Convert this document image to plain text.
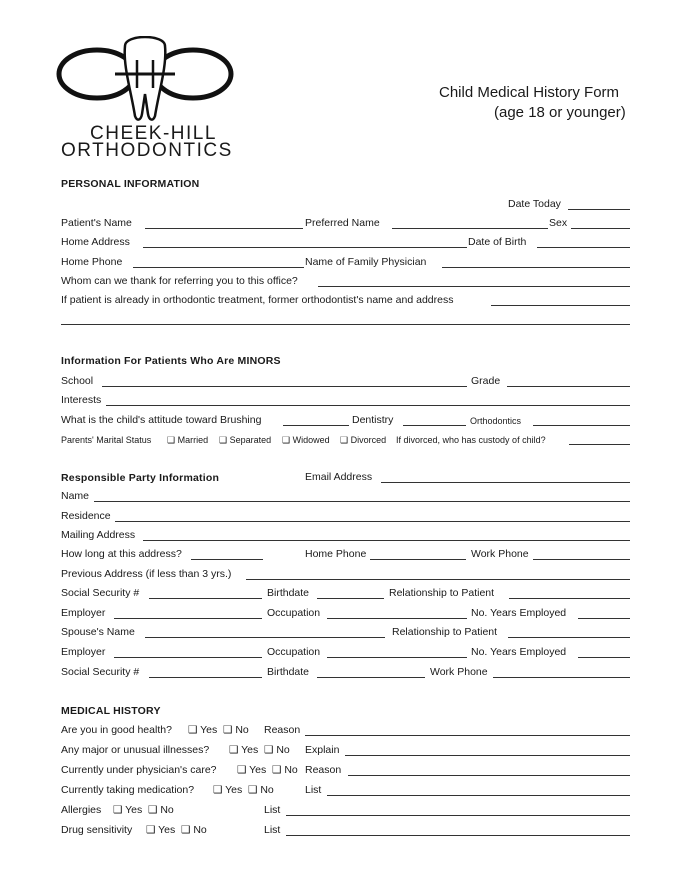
CHEEK-HILL
ORTHODONTICS
Child Medical History Form
(age 18 or younger)
PERSONAL INFORMATION
Date Today
Patient's Name	Preferred Name	Sex
Home Address	Date of Birth
Home Phone	Name of Family Physician
Whom can we thank for referring you to this office?
If patient is already in orthodontic treatment, former orthodontist's name and address
Information For Patients Who Are MINORS
School	Grade
Interests
What is the child's attitude toward Brushing	Dentistry	Orthodontics
Parents' Marital Status ❑ Married ❑ Separated ❑ Widowed ❑ Divorced If divorced, who has custody of child?
Responsible Party Information	Email Address
Name
Residence
Mailing Address
How long at this address?	Home Phone	Work Phone
Previous Address (if less than 3 yrs.)
Social Security #	Birthdate	Relationship to Patient
Employer	Occupation	No. Years Employed
Spouse's Name	Relationship to Patient
Employer	Occupation	No. Years Employed
Social Security #	Birthdate	Work Phone
MEDICAL HISTORY
Are you in good health? ❑ Yes ❑ No Reason
Any major or unusual illnesses? ❑ Yes ❑ No Explain
Currently under physician's care? ❑ Yes ❑ No Reason
Currently taking medication? ❑ Yes ❑ No	List
Allergies ❑ Yes ❑ No	List
Drug sensitivity ❑ Yes ❑ No	List
